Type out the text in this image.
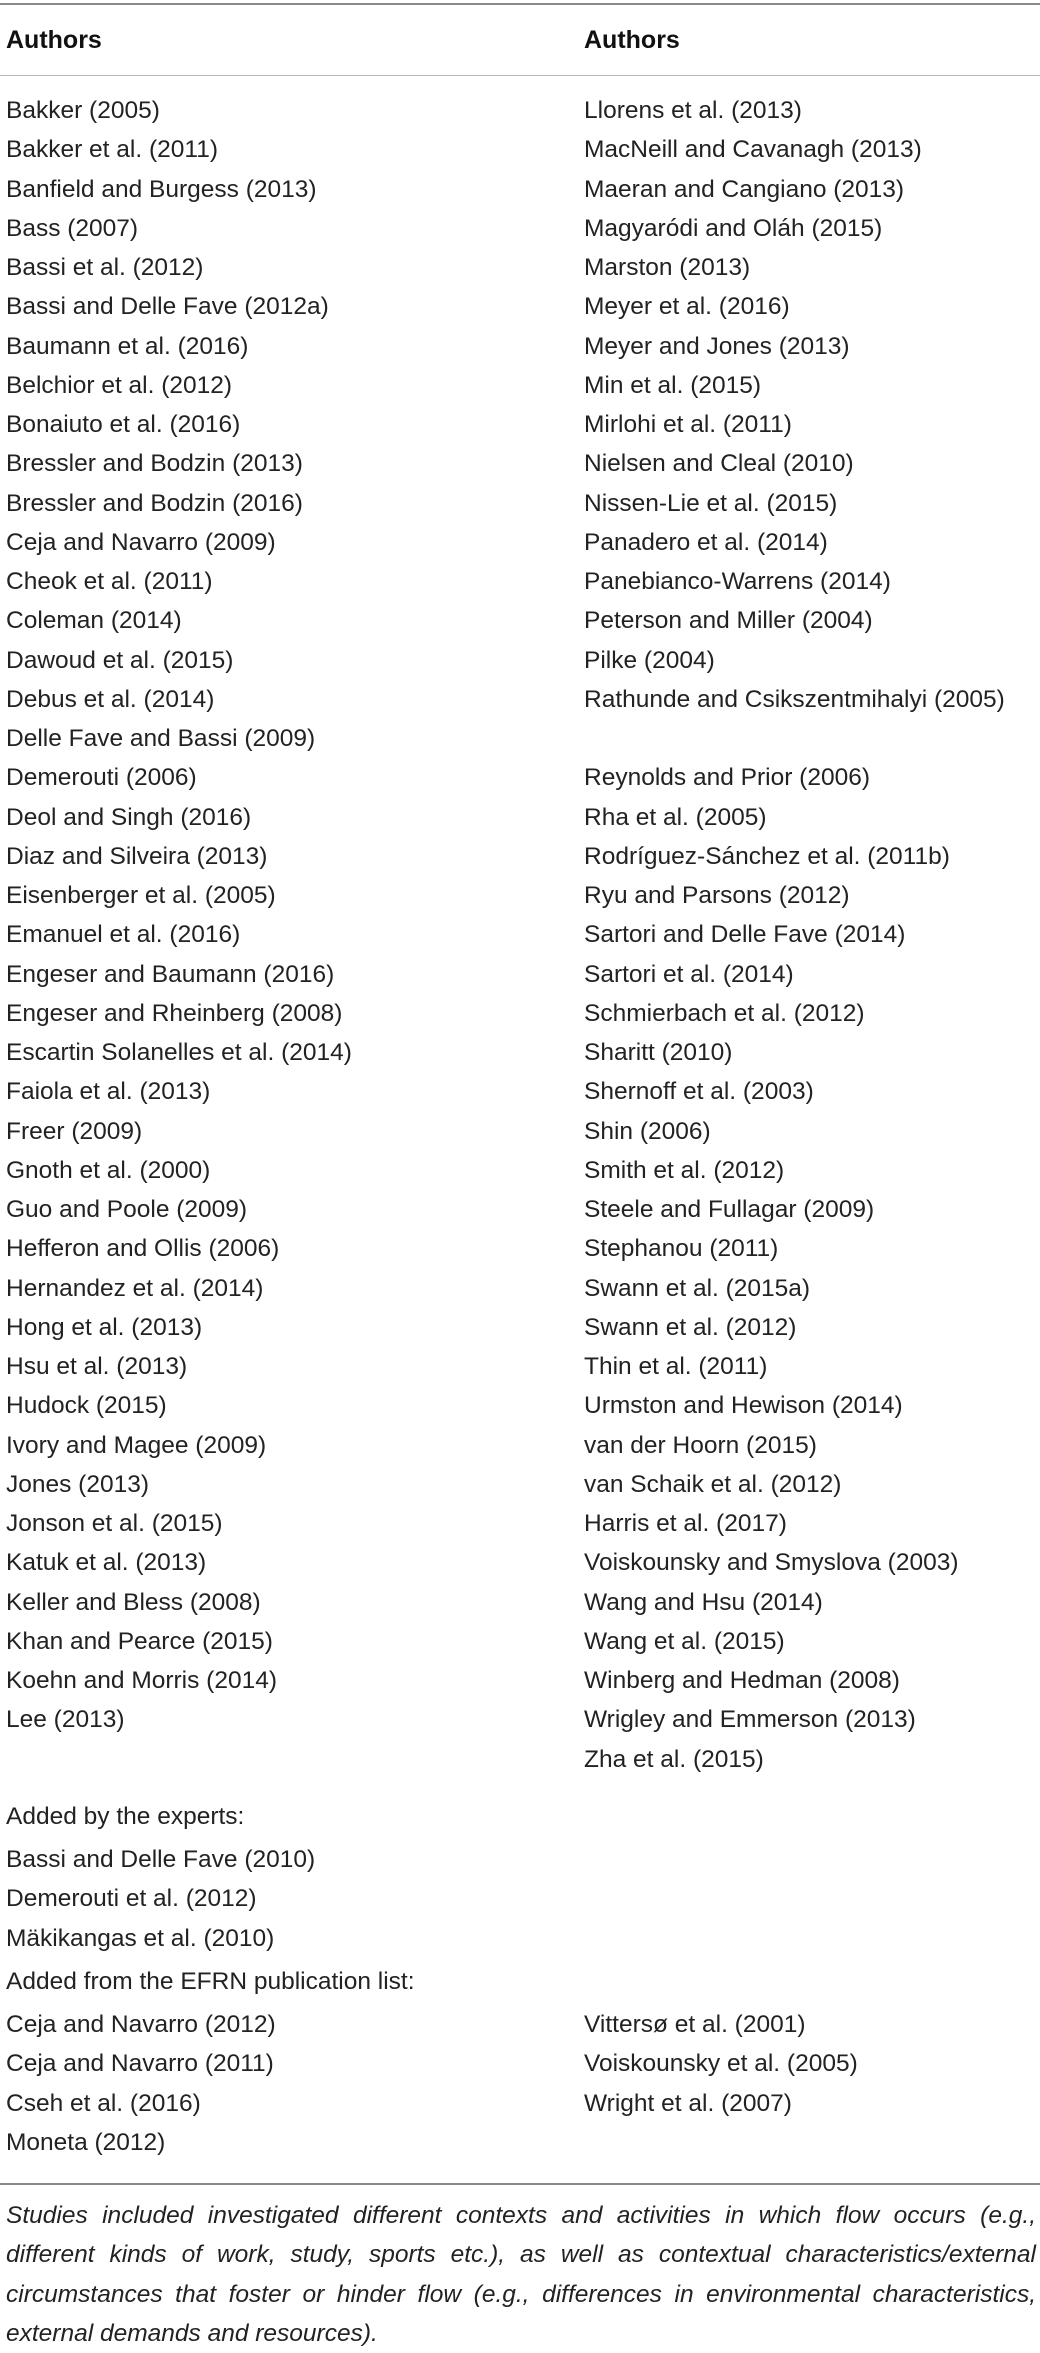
Authors	Authors
Bakker (2005)
Bakker et al. (2011)
Banfield and Burgess (2013)
Bass (2007)
Bassi et al. (2012)
Bassi and Delle Fave (2012a)
Baumann et al. (2016)
Belchior et al. (2012)
Bonaiuto et al. (2016)
Bressler and Bodzin (2013)
Bressler and Bodzin (2016)
Ceja and Navarro (2009)
Cheok et al. (2011)
Coleman (2014)
Dawoud et al. (2015)
Debus et al. (2014)
Delle Fave and Bassi (2009)
Demerouti (2006)
Deol and Singh (2016)
Diaz and Silveira (2013)
Eisenberger et al. (2005)
Emanuel et al. (2016)
Engeser and Baumann (2016)
Engeser and Rheinberg (2008)
Escartin Solanelles et al. (2014)
Faiola et al. (2013)
Freer (2009)
Gnoth et al. (2000)
Guo and Poole (2009)
Hefferon and Ollis (2006)
Hernandez et al. (2014)
Hong et al. (2013)
Hsu et al. (2013)
Hudock (2015)
Ivory and Magee (2009)
Jones (2013)
Jonson et al. (2015)
Katuk et al. (2013)
Keller and Bless (2008)
Khan and Pearce (2015)
Koehn and Morris (2014)
Lee (2013)
Llorens et al. (2013)
MacNeill and Cavanagh (2013)
Maeran and Cangiano (2013)
Magyaródi and Oláh (2015)
Marston (2013)
Meyer et al. (2016)
Meyer and Jones (2013)
Min et al. (2015)
Mirlohi et al. (2011)
Nielsen and Cleal (2010)
Nissen-Lie et al. (2015)
Panadero et al. (2014)
Panebianco-Warrens (2014)
Peterson and Miller (2004)
Pilke (2004)
Rathunde and Csikszentmihalyi (2005)
Reynolds and Prior (2006)
Rha et al. (2005)
Rodríguez-Sánchez et al. (2011b)
Ryu and Parsons (2012)
Sartori and Delle Fave (2014)
Sartori et al. (2014)
Schmierbach et al. (2012)
Sharitt (2010)
Shernoff et al. (2003)
Shin (2006)
Smith et al. (2012)
Steele and Fullagar (2009)
Stephanou (2011)
Swann et al. (2015a)
Swann et al. (2012)
Thin et al. (2011)
Urmston and Hewison (2014)
van der Hoorn (2015)
van Schaik et al. (2012)
Harris et al. (2017)
Voiskounsky and Smyslova (2003)
Wang and Hsu (2014)
Wang et al. (2015)
Winberg and Hedman (2008)
Wrigley and Emmerson (2013)
Zha et al. (2015)
Added by the experts:
Bassi and Delle Fave (2010)
Demerouti et al. (2012)
Mäkikangas et al. (2010)
Added from the EFRN publication list:
Ceja and Navarro (2012)
Ceja and Navarro (2011)
Cseh et al. (2016)
Moneta (2012)
Vittersø et al. (2001)
Voiskounsky et al. (2005)
Wright et al. (2007)

Studies included investigated different contexts and activities in which flow occurs (e.g., different kinds of work, study, sports etc.), as well as contextual characteristics/external circumstances that foster or hinder flow (e.g., differences in environmental characteristics, external demands and resources).
